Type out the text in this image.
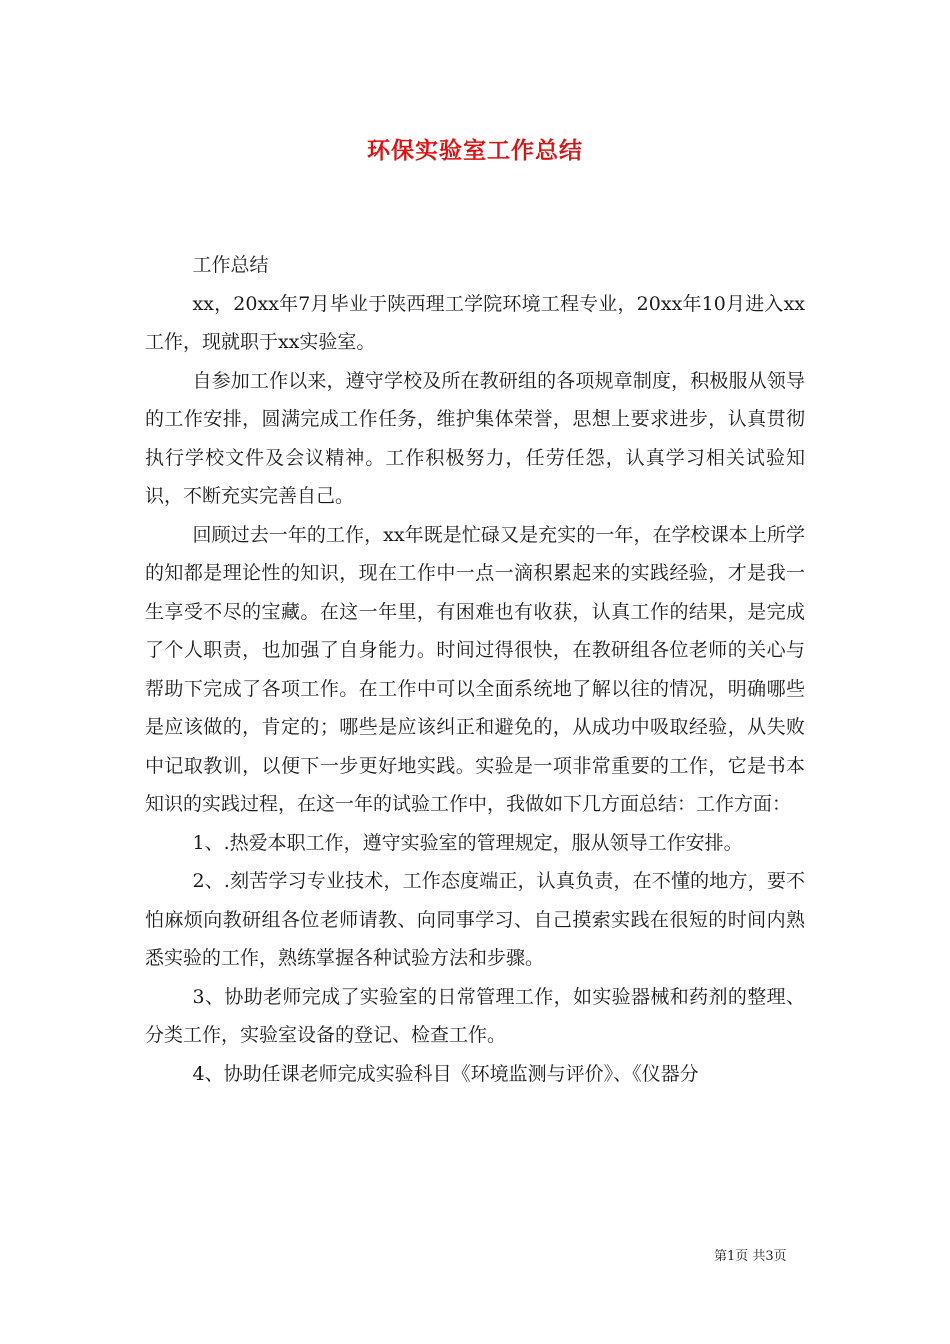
环保实验室工作总结

工作总结

xx，20xx年7月毕业于陕西理工学院环境工程专业，20xx年10月进入xx工作，现就职于xx实验室。

自参加工作以来，遵守学校及所在教研组的各项规章制度，积极服从领导的工作安排，圆满完成工作任务，维护集体荣誉，思想上要求进步，认真贯彻执行学校文件及会议精神。工作积极努力，任劳任怨，认真学习相关试验知识，不断充实完善自己。

回顾过去一年的工作，xx年既是忙碌又是充实的一年，在学校课本上所学的知都是理论性的知识，现在工作中一点一滴积累起来的实践经验，才是我一生享受不尽的宝藏。在这一年里，有困难也有收获，认真工作的结果，是完成了个人职责，也加强了自身能力。时间过得很快，在教研组各位老师的关心与帮助下完成了各项工作。在工作中可以全面系统地了解以往的情况，明确哪些是应该做的，肯定的；哪些是应该纠正和避免的，从成功中吸取经验，从失败中记取教训，以便下一步更好地实践。实验是一项非常重要的工作，它是书本知识的实践过程，在这一年的试验工作中，我做如下几方面总结：工作方面：

1、.热爱本职工作，遵守实验室的管理规定，服从领导工作安排。

2、.刻苦学习专业技术，工作态度端正，认真负责，在不懂的地方，要不怕麻烦向教研组各位老师请教、向同事学习、自己摸索实践在很短的时间内熟悉实验的工作，熟练掌握各种试验方法和步骤。

3、协助老师完成了实验室的日常管理工作，如实验器械和药剂的整理、分类工作，实验室设备的登记、检查工作。

4、协助任课老师完成实验科目《环境监测与评价》、《仪器分

第1页 共3页
